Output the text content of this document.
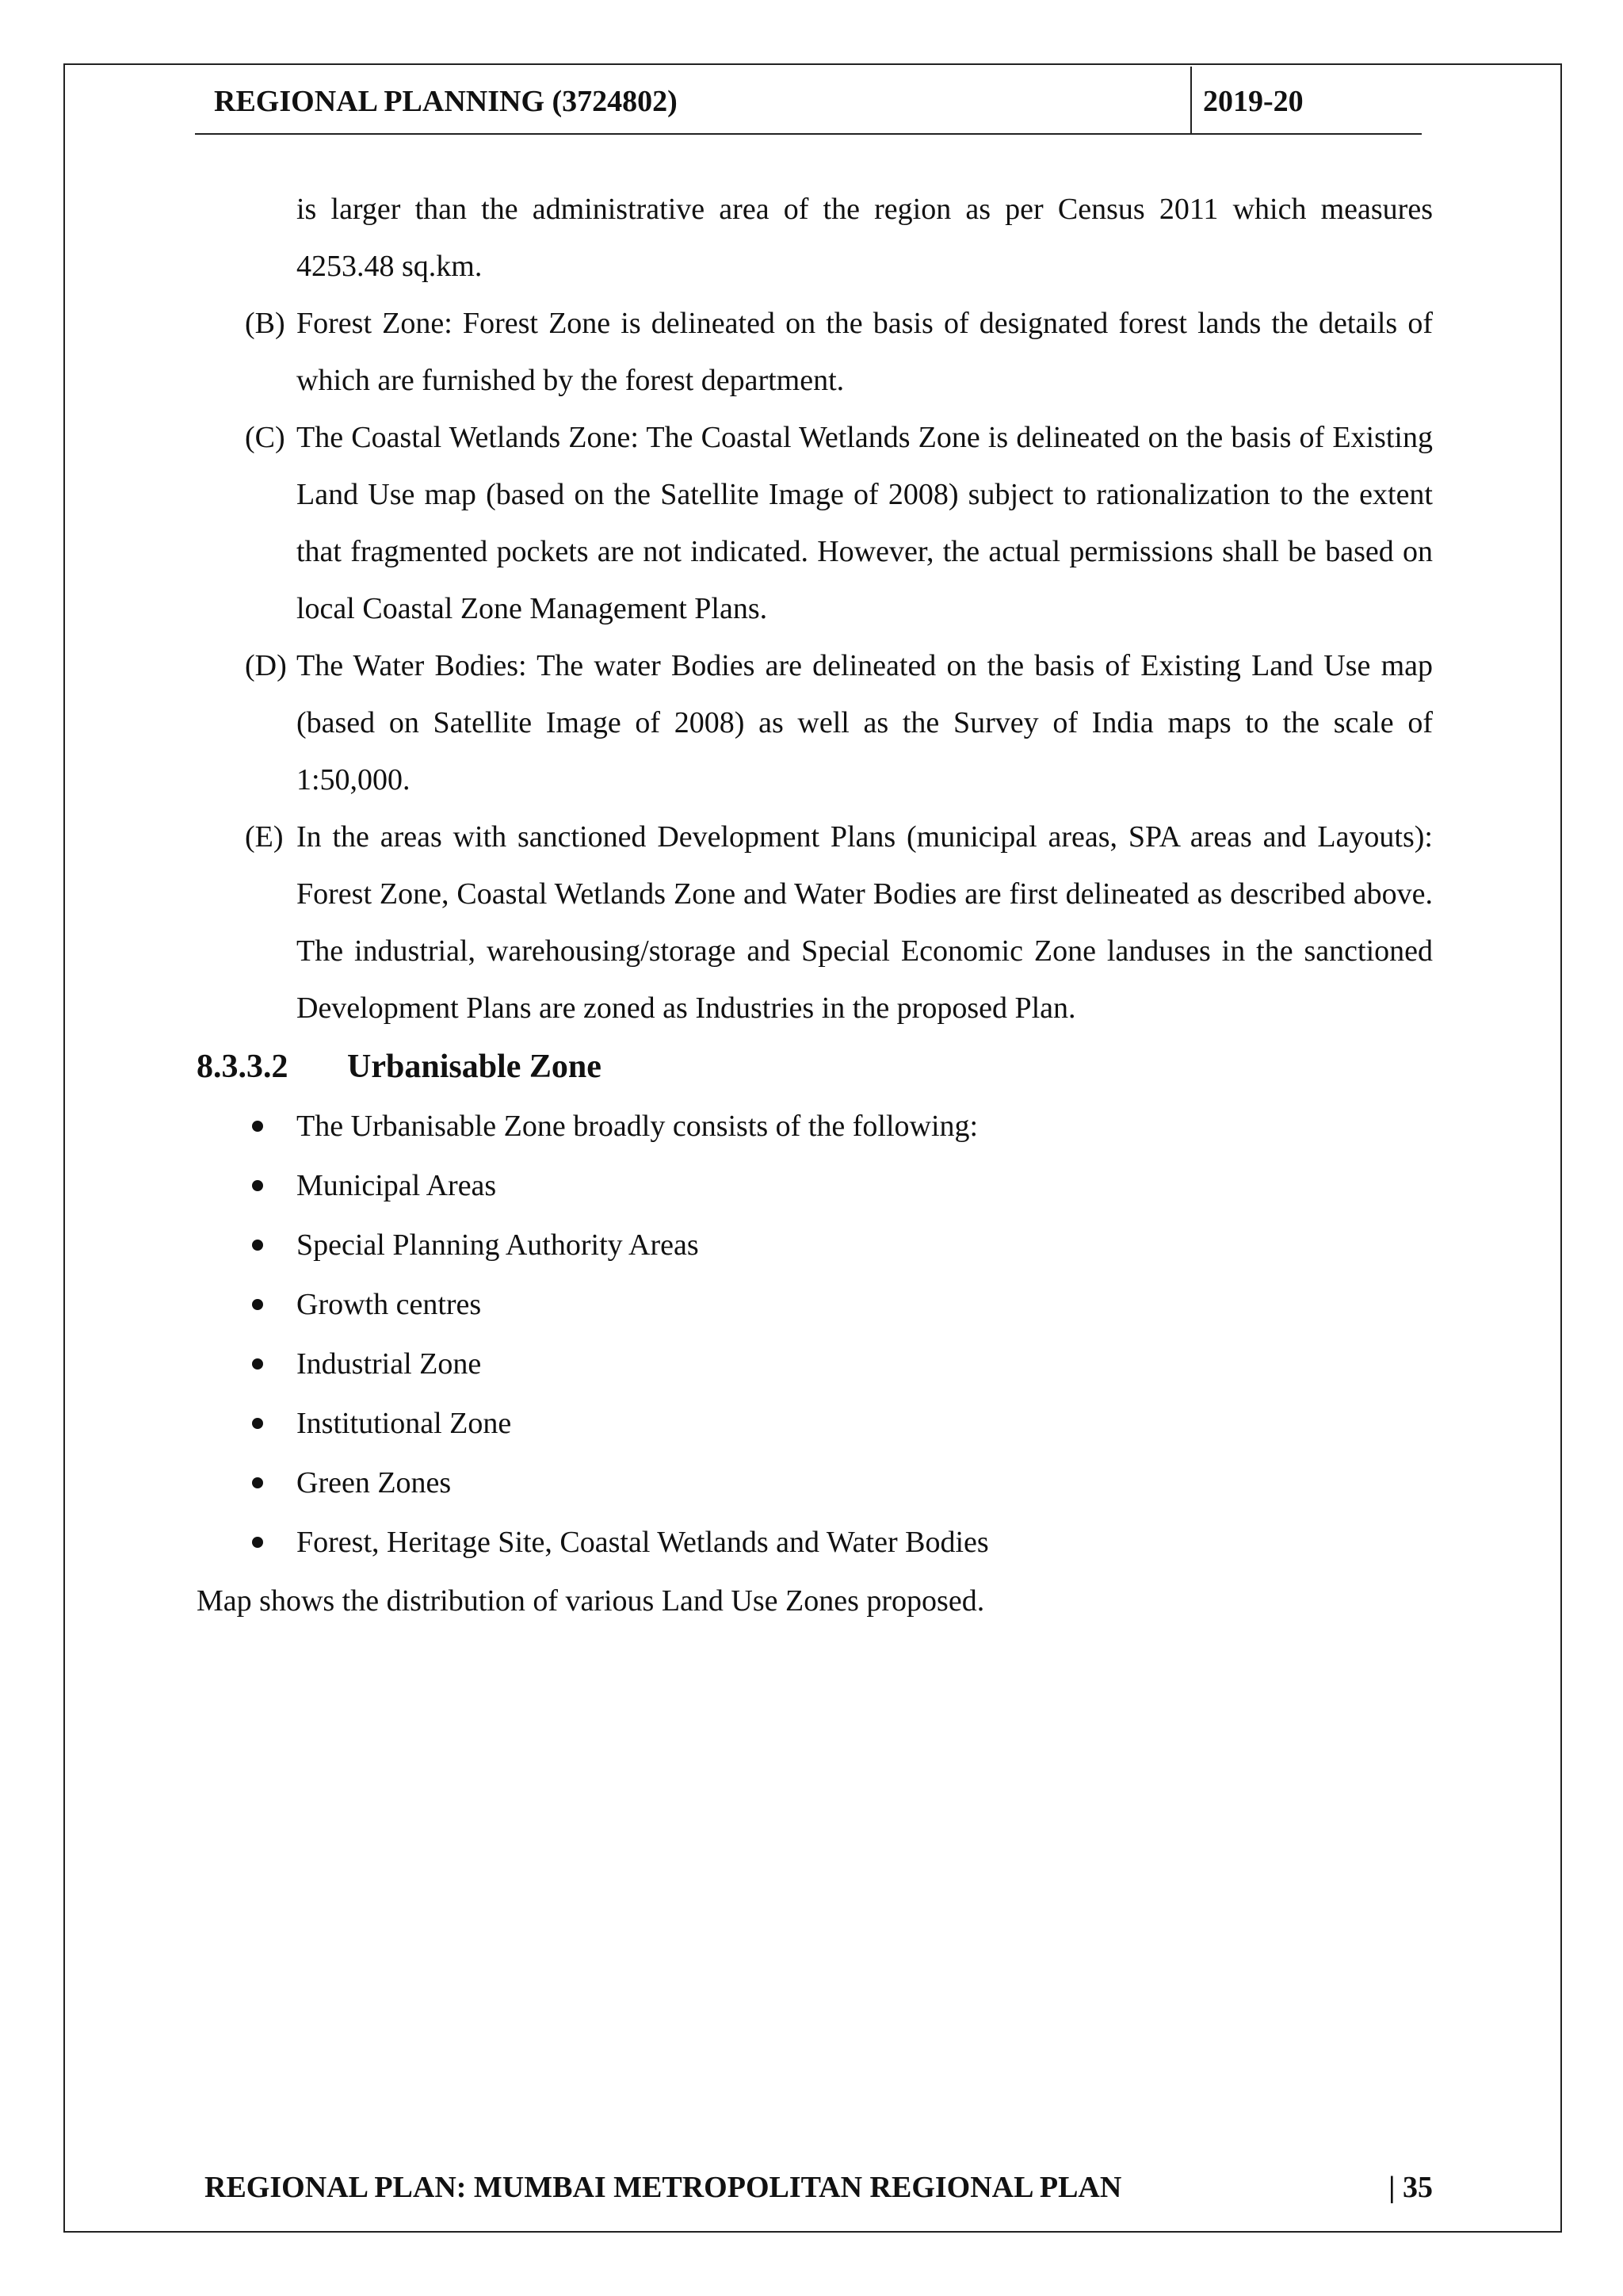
REGIONAL PLANNING (3724802)	2019-20
is larger than the administrative area of the region as per Census 2011 which measures
4253.48 sq.km.
(B) Forest Zone: Forest Zone is delineated on the basis of designated forest lands the details of which are furnished by the forest department.
(C) The Coastal Wetlands Zone: The Coastal Wetlands Zone is delineated on the basis of Existing Land Use map (based on the Satellite Image of 2008) subject to rationalization to the extent that fragmented pockets are not indicated. However, the actual permissions shall be based on local Coastal Zone Management Plans.
(D) The Water Bodies: The water Bodies are delineated on the basis of Existing Land Use map (based on Satellite Image of 2008) as well as the Survey of India maps to the scale of 1:50,000.
(E) In the areas with sanctioned Development Plans (municipal areas, SPA areas and Layouts): Forest Zone, Coastal Wetlands Zone and Water Bodies are first delineated as described above. The industrial, warehousing/storage and Special Economic Zone landuses in the sanctioned Development Plans are zoned as Industries in the proposed Plan.
8.3.3.2	Urbanisable Zone
The Urbanisable Zone broadly consists of the following:
Municipal Areas
Special Planning Authority Areas
Growth centres
Industrial Zone
Institutional Zone
Green Zones
Forest, Heritage Site, Coastal Wetlands and Water Bodies

Map shows the distribution of various Land Use Zones proposed.

REGIONAL PLAN: MUMBAI METROPOLITAN REGIONAL PLAN	| 35
